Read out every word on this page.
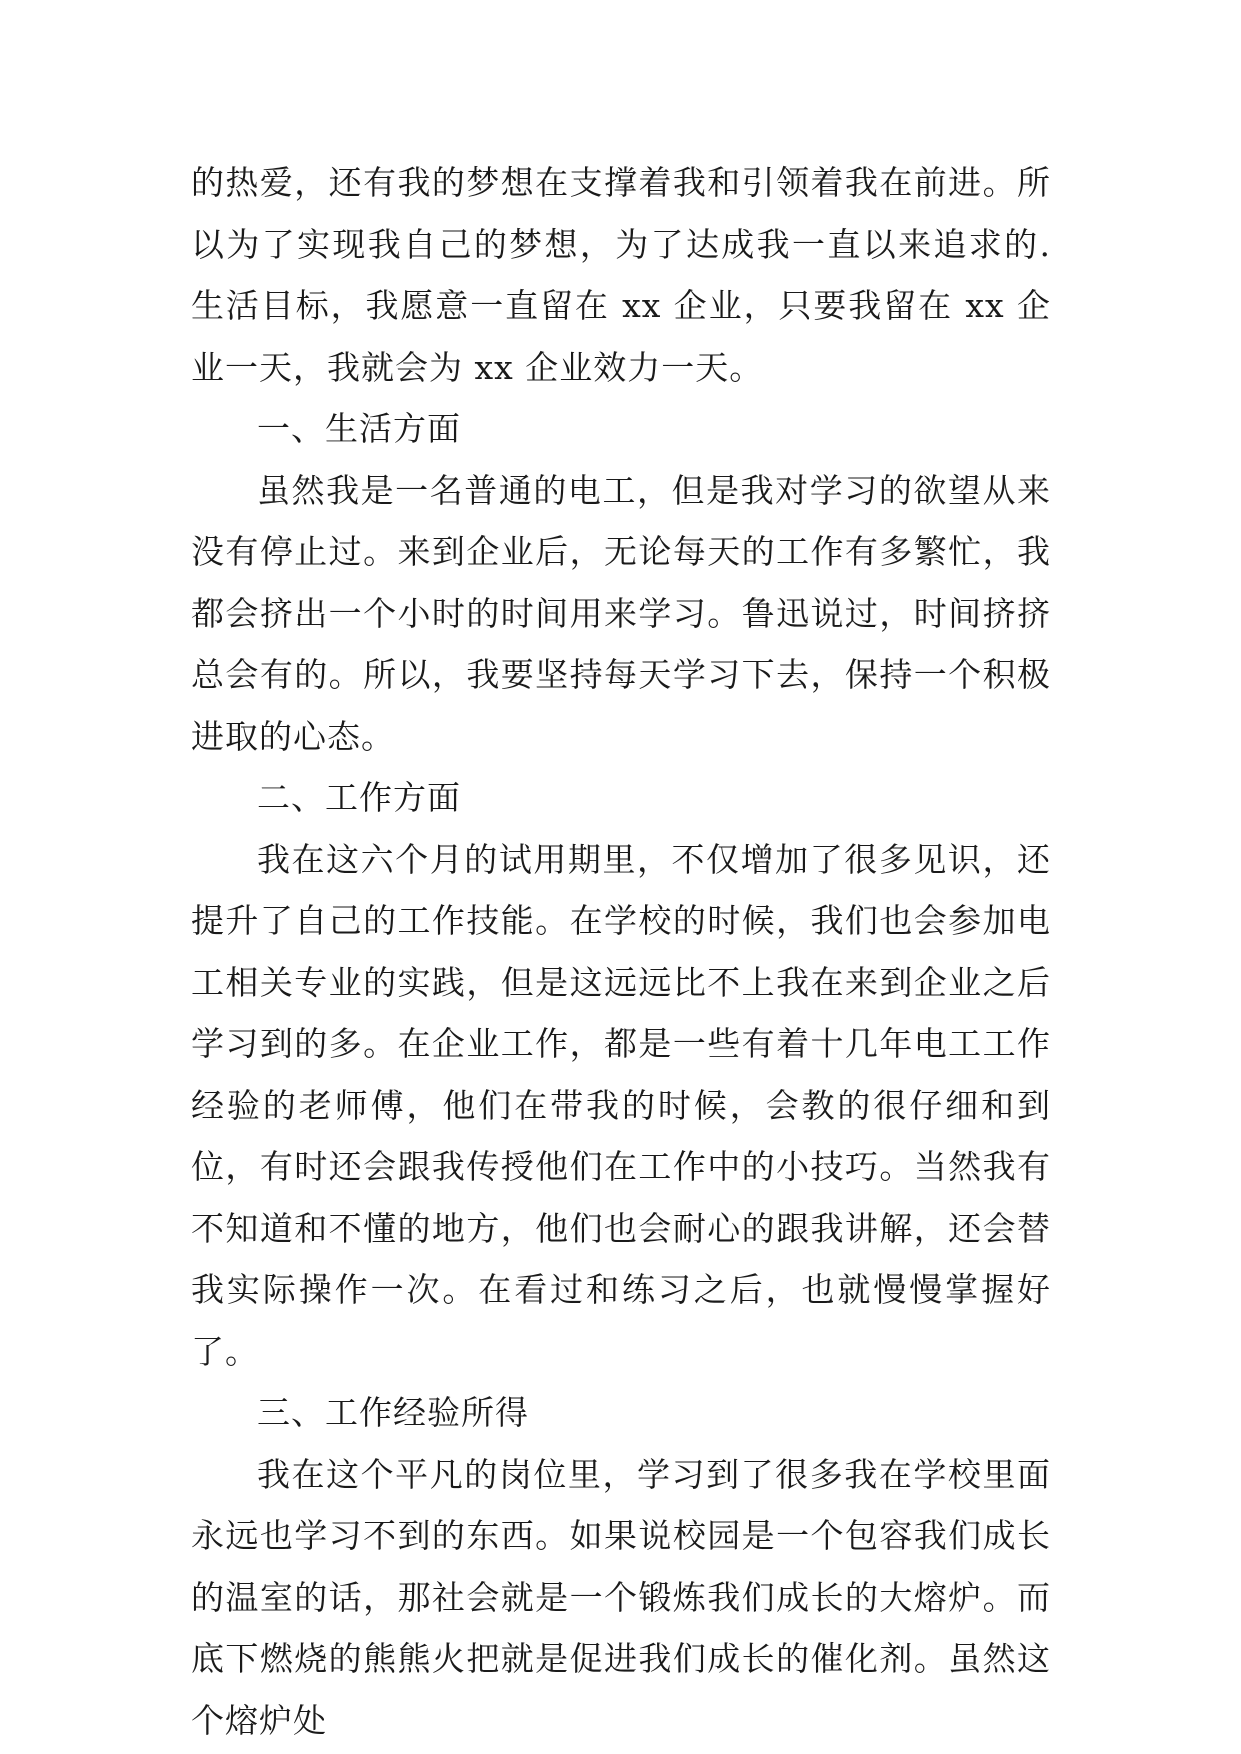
的热爱，还有我的梦想在支撑着我和引领着我在前进。所以为了实现我自己的梦想，为了达成我一直以来追求的.生活目标，我愿意一直留在 xx 企业，只要我留在 xx 企业一天，我就会为 xx 企业效力一天。

一、生活方面

虽然我是一名普通的电工，但是我对学习的欲望从来没有停止过。来到企业后，无论每天的工作有多繁忙，我都会挤出一个小时的时间用来学习。鲁迅说过，时间挤挤总会有的。所以，我要坚持每天学习下去，保持一个积极进取的心态。

二、工作方面

我在这六个月的试用期里，不仅增加了很多见识，还提升了自己的工作技能。在学校的时候，我们也会参加电工相关专业的实践，但是这远远比不上我在来到企业之后学习到的多。在企业工作，都是一些有着十几年电工工作经验的老师傅，他们在带我的时候，会教的很仔细和到位，有时还会跟我传授他们在工作中的小技巧。当然我有不知道和不懂的地方，他们也会耐心的跟我讲解，还会替我实际操作一次。在看过和练习之后，也就慢慢掌握好了。

三、工作经验所得

我在这个平凡的岗位里，学习到了很多我在学校里面永远也学习不到的东西。如果说校园是一个包容我们成长的温室的话，那社会就是一个锻炼我们成长的大熔炉。而底下燃烧的熊熊火把就是促进我们成长的催化剂。虽然这个熔炉处
